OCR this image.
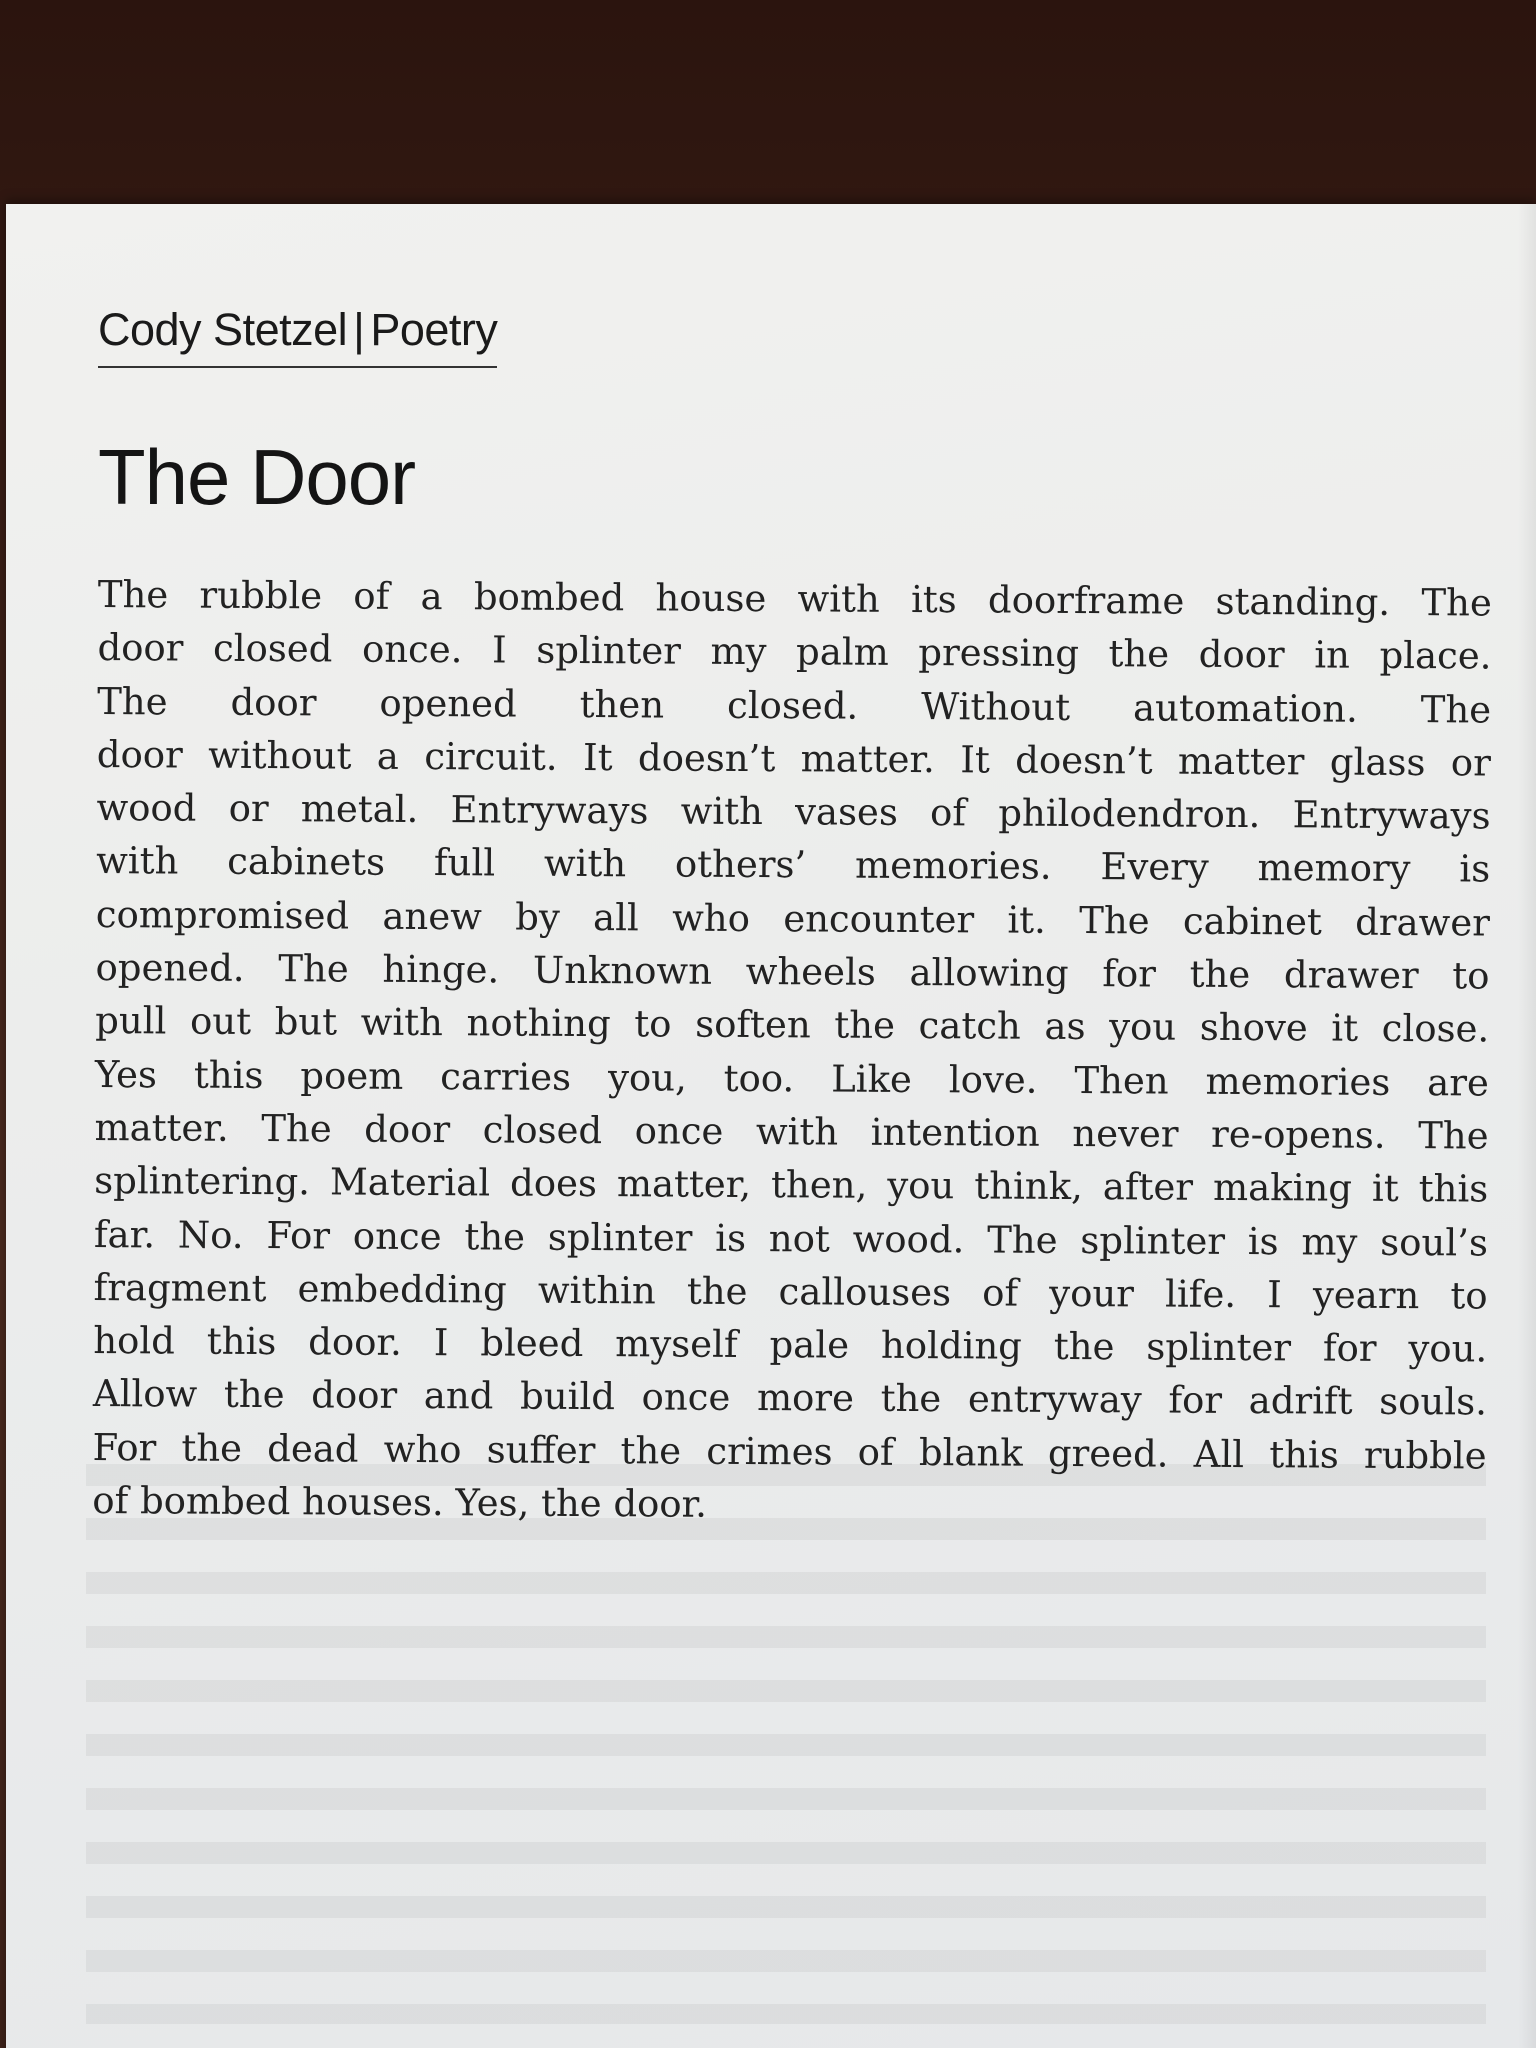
Cody Stetzel | Poetry
The Door
The rubble of a bombed house with its doorframe standing. The
door closed once. I splinter my palm pressing the door in place.
The door opened then closed. Without automation. The
door without a circuit. It doesn’t matter. It doesn’t matter glass or
wood or metal. Entryways with vases of philodendron. Entryways
with cabinets full with others’ memories. Every memory is
compromised anew by all who encounter it. The cabinet drawer
opened. The hinge. Unknown wheels allowing for the drawer to
pull out but with nothing to soften the catch as you shove it close.
Yes this poem carries you, too. Like love. Then memories are
matter. The door closed once with intention never re-opens. The
splintering. Material does matter, then, you think, after making it this
far. No. For once the splinter is not wood. The splinter is my soul’s
fragment embedding within the callouses of your life. I yearn to
hold this door. I bleed myself pale holding the splinter for you.
Allow the door and build once more the entryway for adrift souls.
For the dead who suffer the crimes of blank greed. All this rubble
of bombed houses. Yes, the door.
